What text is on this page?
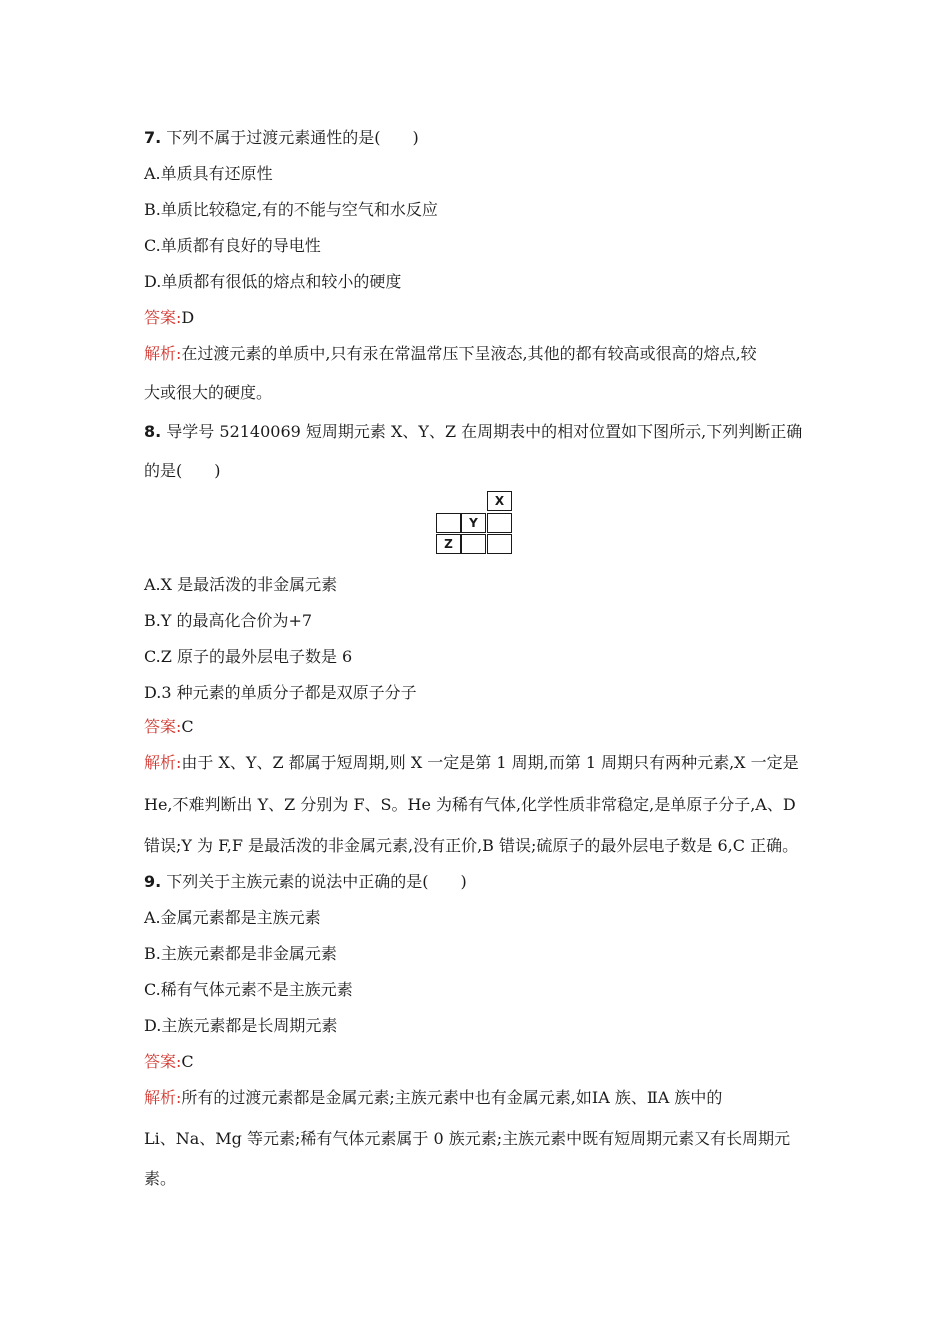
7. 下列不属于过渡元素通性的是(　　)
A.单质具有还原性
B.单质比较稳定,有的不能与空气和水反应
C.单质都有良好的导电性
D.单质都有很低的熔点和较小的硬度
答案:D
解析:在过渡元素的单质中,只有汞在常温常压下呈液态,其他的都有较高或很高的熔点,较
大或很大的硬度。
8. 导学号 52140069 短周期元素 X、Y、Z 在周期表中的相对位置如下图所示,下列判断正确
的是(　　)
X
Y
Z
A.X 是最活泼的非金属元素
B.Y 的最高化合价为+7
C.Z 原子的最外层电子数是 6
D.3 种元素的单质分子都是双原子分子
答案:C
解析:由于 X、Y、Z 都属于短周期,则 X 一定是第 1 周期,而第 1 周期只有两种元素,X 一定是
He,不难判断出 Y、Z 分别为 F、S。He 为稀有气体,化学性质非常稳定,是单原子分子,A、D
错误;Y 为 F,F 是最活泼的非金属元素,没有正价,B 错误;硫原子的最外层电子数是 6,C 正确。
9. 下列关于主族元素的说法中正确的是(　　)
A.金属元素都是主族元素
B.主族元素都是非金属元素
C.稀有气体元素不是主族元素
D.主族元素都是长周期元素
答案:C
解析:所有的过渡元素都是金属元素;主族元素中也有金属元素,如ⅠA 族、ⅡA 族中的
Li、Na、Mg 等元素;稀有气体元素属于 0 族元素;主族元素中既有短周期元素又有长周期元
素。
